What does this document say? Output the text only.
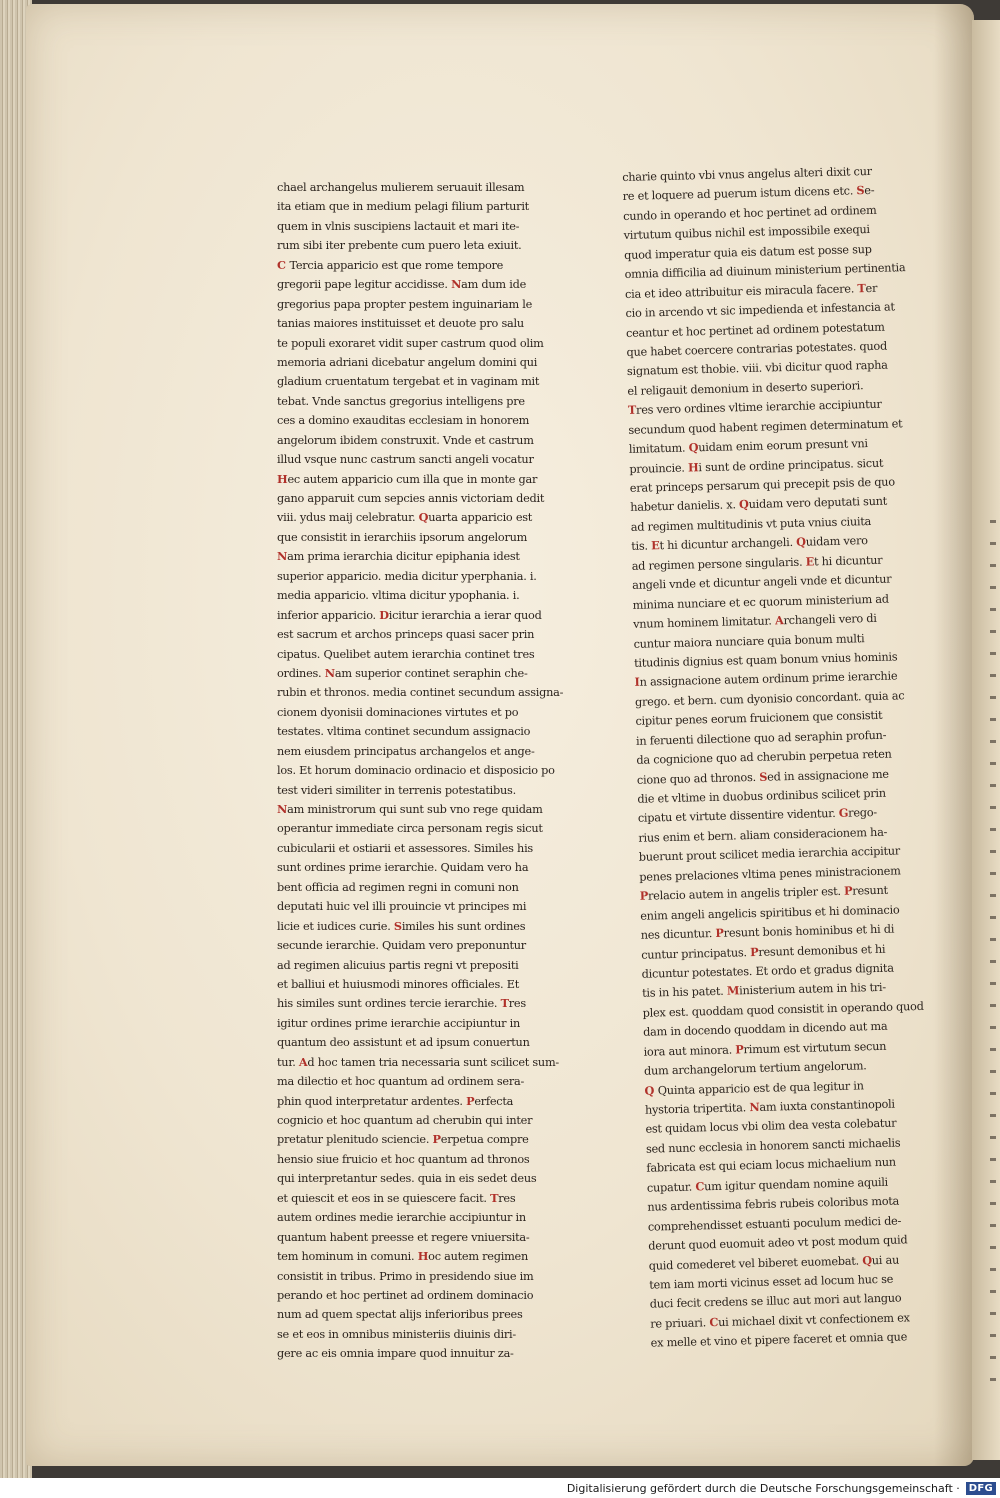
chael archangelus mulierem seruauit illesam
ita etiam que in medium pelagi filium parturit
quem in vlnis suscipiens lactauit et mari ite-
rum sibi iter prebente cum puero leta exiuit.
C Tercia apparicio est que rome tempore
gregorii pape legitur accidisse. Nam dum ide
gregorius papa propter pestem inguinariam le
tanias maiores instituisset et deuote pro salu
te populi exoraret vidit super castrum quod olim
memoria adriani dicebatur angelum domini qui
gladium cruentatum tergebat et in vaginam mit
tebat. Vnde sanctus gregorius intelligens pre
ces a domino exauditas ecclesiam in honorem
angelorum ibidem construxit. Vnde et castrum
illud vsque nunc castrum sancti angeli vocatur
Hec autem apparicio cum illa que in monte gar
gano apparuit cum sepcies annis victoriam dedit
viii. ydus maij celebratur. Quarta apparicio est
que consistit in ierarchiis ipsorum angelorum
Nam prima ierarchia dicitur epiphania idest
superior apparicio. media dicitur yperphania. i.
media apparicio. vltima dicitur ypophania. i.
inferior apparicio. Dicitur ierarchia a ierar quod
est sacrum et archos princeps quasi sacer prin
cipatus. Quelibet autem ierarchia continet tres
ordines. Nam superior continet seraphin che-
rubin et thronos. media continet secundum assigna-
cionem dyonisii dominaciones virtutes et po
testates. vltima continet secundum assignacio
nem eiusdem principatus archangelos et ange-
los. Et horum dominacio ordinacio et disposicio po
test videri similiter in terrenis potestatibus.
Nam ministrorum qui sunt sub vno rege quidam
operantur immediate circa personam regis sicut
cubicularii et ostiarii et assessores. Similes his
sunt ordines prime ierarchie. Quidam vero ha
bent officia ad regimen regni in comuni non
deputati huic vel illi prouincie vt principes mi
licie et iudices curie. Similes his sunt ordines
secunde ierarchie. Quidam vero preponuntur
ad regimen alicuius partis regni vt prepositi
et balliui et huiusmodi minores officiales. Et
his similes sunt ordines tercie ierarchie. Tres
igitur ordines prime ierarchie accipiuntur in
quantum deo assistunt et ad ipsum conuertun
tur. Ad hoc tamen tria necessaria sunt scilicet sum-
ma dilectio et hoc quantum ad ordinem sera-
phin quod interpretatur ardentes. Perfecta
cognicio et hoc quantum ad cherubin qui inter
pretatur plenitudo sciencie. Perpetua compre
hensio siue fruicio et hoc quantum ad thronos
qui interpretantur sedes. quia in eis sedet deus
et quiescit et eos in se quiescere facit. Tres
autem ordines medie ierarchie accipiuntur in
quantum habent preesse et regere vniuersita-
tem hominum in comuni. Hoc autem regimen
consistit in tribus. Primo in presidendo siue im
perando et hoc pertinet ad ordinem dominacio
num ad quem spectat alijs inferioribus prees
se et eos in omnibus ministeriis diuinis diri-
gere ac eis omnia impare quod innuitur za-
charie quinto vbi vnus angelus alteri dixit cur
re et loquere ad puerum istum dicens etc. Se-
cundo in operando et hoc pertinet ad ordinem
virtutum quibus nichil est impossibile exequi
quod imperatur quia eis datum est posse sup
omnia difficilia ad diuinum ministerium pertinentia
cia et ideo attribuitur eis miracula facere. Ter
cio in arcendo vt sic impedienda et infestancia at
ceantur et hoc pertinet ad ordinem potestatum
que habet coercere contrarias potestates. quod
signatum est thobie. viii. vbi dicitur quod rapha
el religauit demonium in deserto superiori.
Tres vero ordines vltime ierarchie accipiuntur
secundum quod habent regimen determinatum et
limitatum. Quidam enim eorum presunt vni
prouincie. Hi sunt de ordine principatus. sicut
erat princeps persarum qui precepit psis de quo
habetur danielis. x. Quidam vero deputati sunt
ad regimen multitudinis vt puta vnius ciuita
tis. Et hi dicuntur archangeli. Quidam vero
ad regimen persone singularis. Et hi dicuntur
angeli vnde et dicuntur angeli vnde et dicuntur
minima nunciare et ec quorum ministerium ad
vnum hominem limitatur. Archangeli vero di
cuntur maiora nunciare quia bonum multi
titudinis dignius est quam bonum vnius hominis
In assignacione autem ordinum prime ierarchie
grego. et bern. cum dyonisio concordant. quia ac
cipitur penes eorum fruicionem que consistit
in feruenti dilectione quo ad seraphin profun-
da cognicione quo ad cherubin perpetua reten
cione quo ad thronos. Sed in assignacione me
die et vltime in duobus ordinibus scilicet prin
cipatu et virtute dissentire videntur. Grego-
rius enim et bern. aliam consideracionem ha-
buerunt prout scilicet media ierarchia accipitur
penes prelaciones vltima penes ministracionem
Prelacio autem in angelis tripler est. Presunt
enim angeli angelicis spiritibus et hi dominacio
nes dicuntur. Presunt bonis hominibus et hi di
cuntur principatus. Presunt demonibus et hi
dicuntur potestates. Et ordo et gradus dignita
tis in his patet. Ministerium autem in his tri-
plex est. quoddam quod consistit in operando quod
dam in docendo quoddam in dicendo aut ma
iora aut minora. Primum est virtutum secun
dum archangelorum tertium angelorum.
Q Quinta apparicio est de qua legitur in
hystoria tripertita. Nam iuxta constantinopoli
est quidam locus vbi olim dea vesta colebatur
sed nunc ecclesia in honorem sancti michaelis
fabricata est qui eciam locus michaelium nun
cupatur. Cum igitur quendam nomine aquili
nus ardentissima febris rubeis coloribus mota
comprehendisset estuanti poculum medici de-
derunt quod euomuit adeo vt post modum quid
quid comederet vel biberet euomebat. Qui au
tem iam morti vicinus esset ad locum huc se
duci fecit credens se illuc aut mori aut languo
re priuari. Cui michael dixit vt confectionem ex
ex melle et vino et pipere faceret et omnia que
Digitalisierung gefördert durch die Deutsche Forschungsgemeinschaft · DFG
